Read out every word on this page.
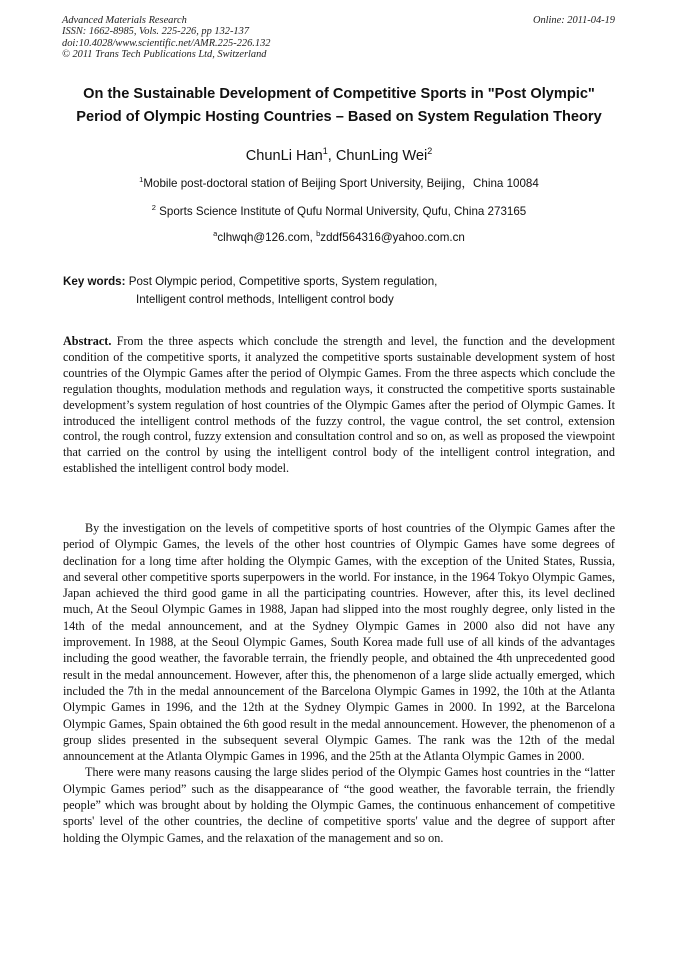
Advanced Materials Research
ISSN: 1662-8985, Vols. 225-226, pp 132-137
doi:10.4028/www.scientific.net/AMR.225-226.132
© 2011 Trans Tech Publications Ltd, Switzerland
Online: 2011-04-19
On the Sustainable Development of Competitive Sports in "Post Olympic"
Period of Olympic Hosting Countries – Based on System Regulation Theory
ChunLi Han$^1$, ChunLing Wei$^2$
$^1$Mobile post-doctoral station of Beijing Sport University, Beijing，China 10084
$^2$ Sports Science Institute of Qufu Normal University, Qufu, China 273165
$^a$clhwqh@126.com, $^b$zddf564316@yahoo.com.cn
Key words: Post Olympic period, Competitive sports, System regulation,
Intelligent control methods, Intelligent control body
Abstract. From the three aspects which conclude the strength and level, the function and the development condition of the competitive sports, it analyzed the competitive sports sustainable development system of host countries of the Olympic Games after the period of Olympic Games. From the three aspects which conclude the regulation thoughts, modulation methods and regulation ways, it constructed the competitive sports sustainable development’s system regulation of host countries of the Olympic Games after the period of Olympic Games. It introduced the intelligent control methods of the fuzzy control, the vague control, the set control, extension control, the rough control, fuzzy extension and consultation control and so on, as well as proposed the viewpoint that carried on the control by using the intelligent control body of the intelligent control integration, and established the intelligent control body model.

By the investigation on the levels of competitive sports of host countries of the Olympic Games after the period of Olympic Games, the levels of the other host countries of Olympic Games have some degrees of declination for a long time after holding the Olympic Games, with the exception of the United States, Russia, and several other competitive sports superpowers in the world. For instance, in the 1964 Tokyo Olympic Games, Japan achieved the third good game in all the participating countries. However, after this, its level declined much, At the Seoul Olympic Games in 1988, Japan had slipped into the most roughly degree, only listed in the 14th of the medal announcement, and at the Sydney Olympic Games in 2000 also did not have any improvement. In 1988, at the Seoul Olympic Games, South Korea made full use of all kinds of the advantages including the good weather, the favorable terrain, the friendly people, and obtained the 4th unprecedented good result in the medal announcement. However, after this, the phenomenon of a large slide actually emerged, which included the 7th in the medal announcement of the Barcelona Olympic Games in 1992, the 10th at the Atlanta Olympic Games in 1996, and the 12th at the Sydney Olympic Games in 2000. In 1992, at the Barcelona Olympic Games, Spain obtained the 6th good result in the medal announcement. However, the phenomenon of a group slides presented in the subsequent several Olympic Games. The rank was the 12th of the medal announcement at the Atlanta Olympic Games in 1996, and the 25th at the Atlanta Olympic Games in 2000.

There were many reasons causing the large slides period of the Olympic Games host countries in the “latter Olympic Games period” such as the disappearance of “the good weather, the favorable terrain, the friendly people” which was brought about by holding the Olympic Games, the continuous enhancement of competitive sports' level of the other countries, the decline of competitive sports' value and the degree of support after holding the Olympic Games, and the relaxation of the management and so on.
